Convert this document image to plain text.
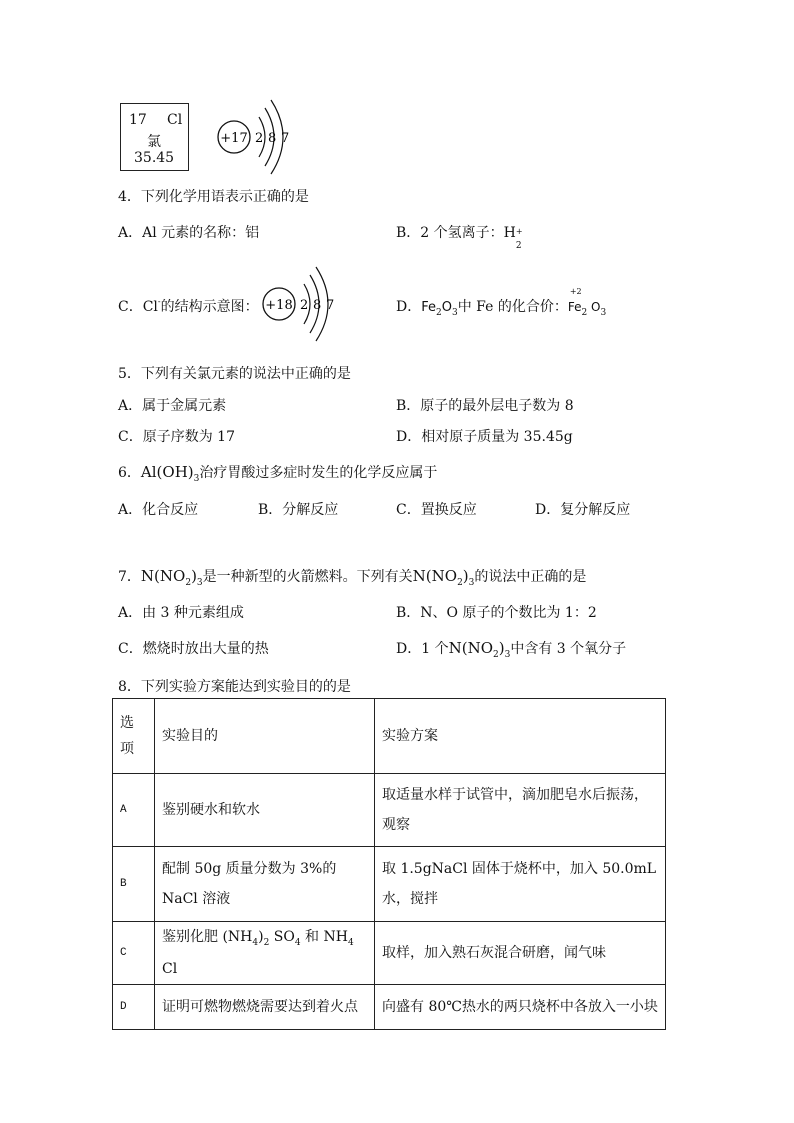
17 Cl
氯
35.45
+17 2 8 7
4．下列化学用语表示正确的是
A．Al 元素的名称：铝	B．2 个氢离子：H +
2
C．Cl-的结构示意图： +18 2 8 7	D．$Fe_2O_3$中 Fe 的化合价：
+2
$Fe_2$ $O_3$
5．下列有关氯元素的说法中正确的是
A．属于金属元素	B．原子的最外层电子数为 8
C．原子序数为 17	D．相对原子质量为 35.45g
6．$Al(OH)_3$治疗胃酸过多症时发生的化学反应属于
A．化合反应	B．分解反应	C．置换反应	D．复分解反应
7．$N(NO_2)_3$是一种新型的火箭燃料。下列有关$N(NO_2)_3$的说法中正确的是
A．由 3 种元素组成	B．N、O 原子的个数比为 1：2
C．燃烧时放出大量的热	D．1 个$N(NO_2)_3$中含有 3 个氧分子
8．下列实验方案能达到实验目的的是
选项	实验目的	实验方案
A	鉴别硬水和软水	取适量水样于试管中，滴加肥皂水后振荡，观察
B	配制 50g 质量分数为 3%的 NaCl 溶液	取 1.5gNaCl 固体于烧杯中，加入 50.0mL 水，搅拌
C	鉴别化肥 $(NH_4)_2$ $SO_4$ 和 $NH_4$ Cl	取样，加入熟石灰混合研磨，闻气味
D	证明可燃物燃烧需要达到着火点	向盛有 80℃热水的两只烧杯中各放入一小块
